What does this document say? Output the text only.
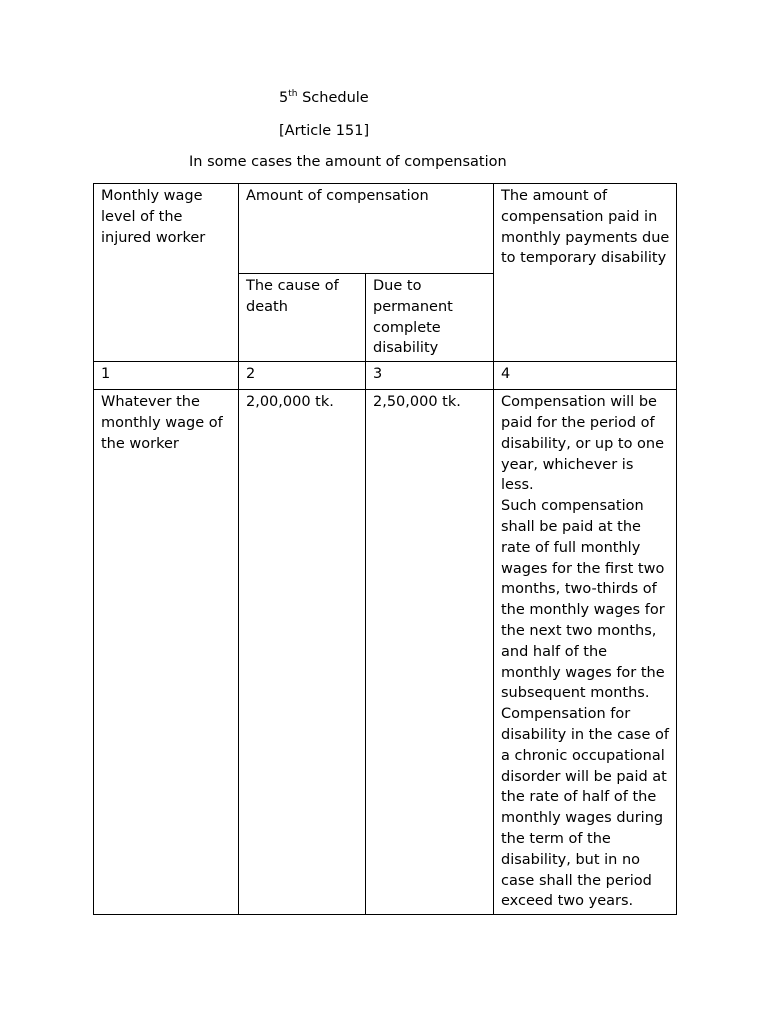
5th Schedule
[Article 151]
In some cases the amount of compensation
Monthly wage level of the injured worker	Amount of compensation		The amount of compensation paid in monthly payments due to temporary disability
	The cause of death	Due to permanent complete disability	
1	2	3	4
Whatever the monthly wage of the worker	2,00,000 tk.	2,50,000 tk.	Compensation will be paid for the period of disability, or up to one year, whichever is less.
Such compensation shall be paid at the rate of full monthly wages for the first two months, two-thirds of the monthly wages for the next two months, and half of the monthly wages for the subsequent months.
Compensation for disability in the case of a chronic occupational disorder will be paid at the rate of half of the monthly wages during the term of the disability, but in no case shall the period exceed two years.
